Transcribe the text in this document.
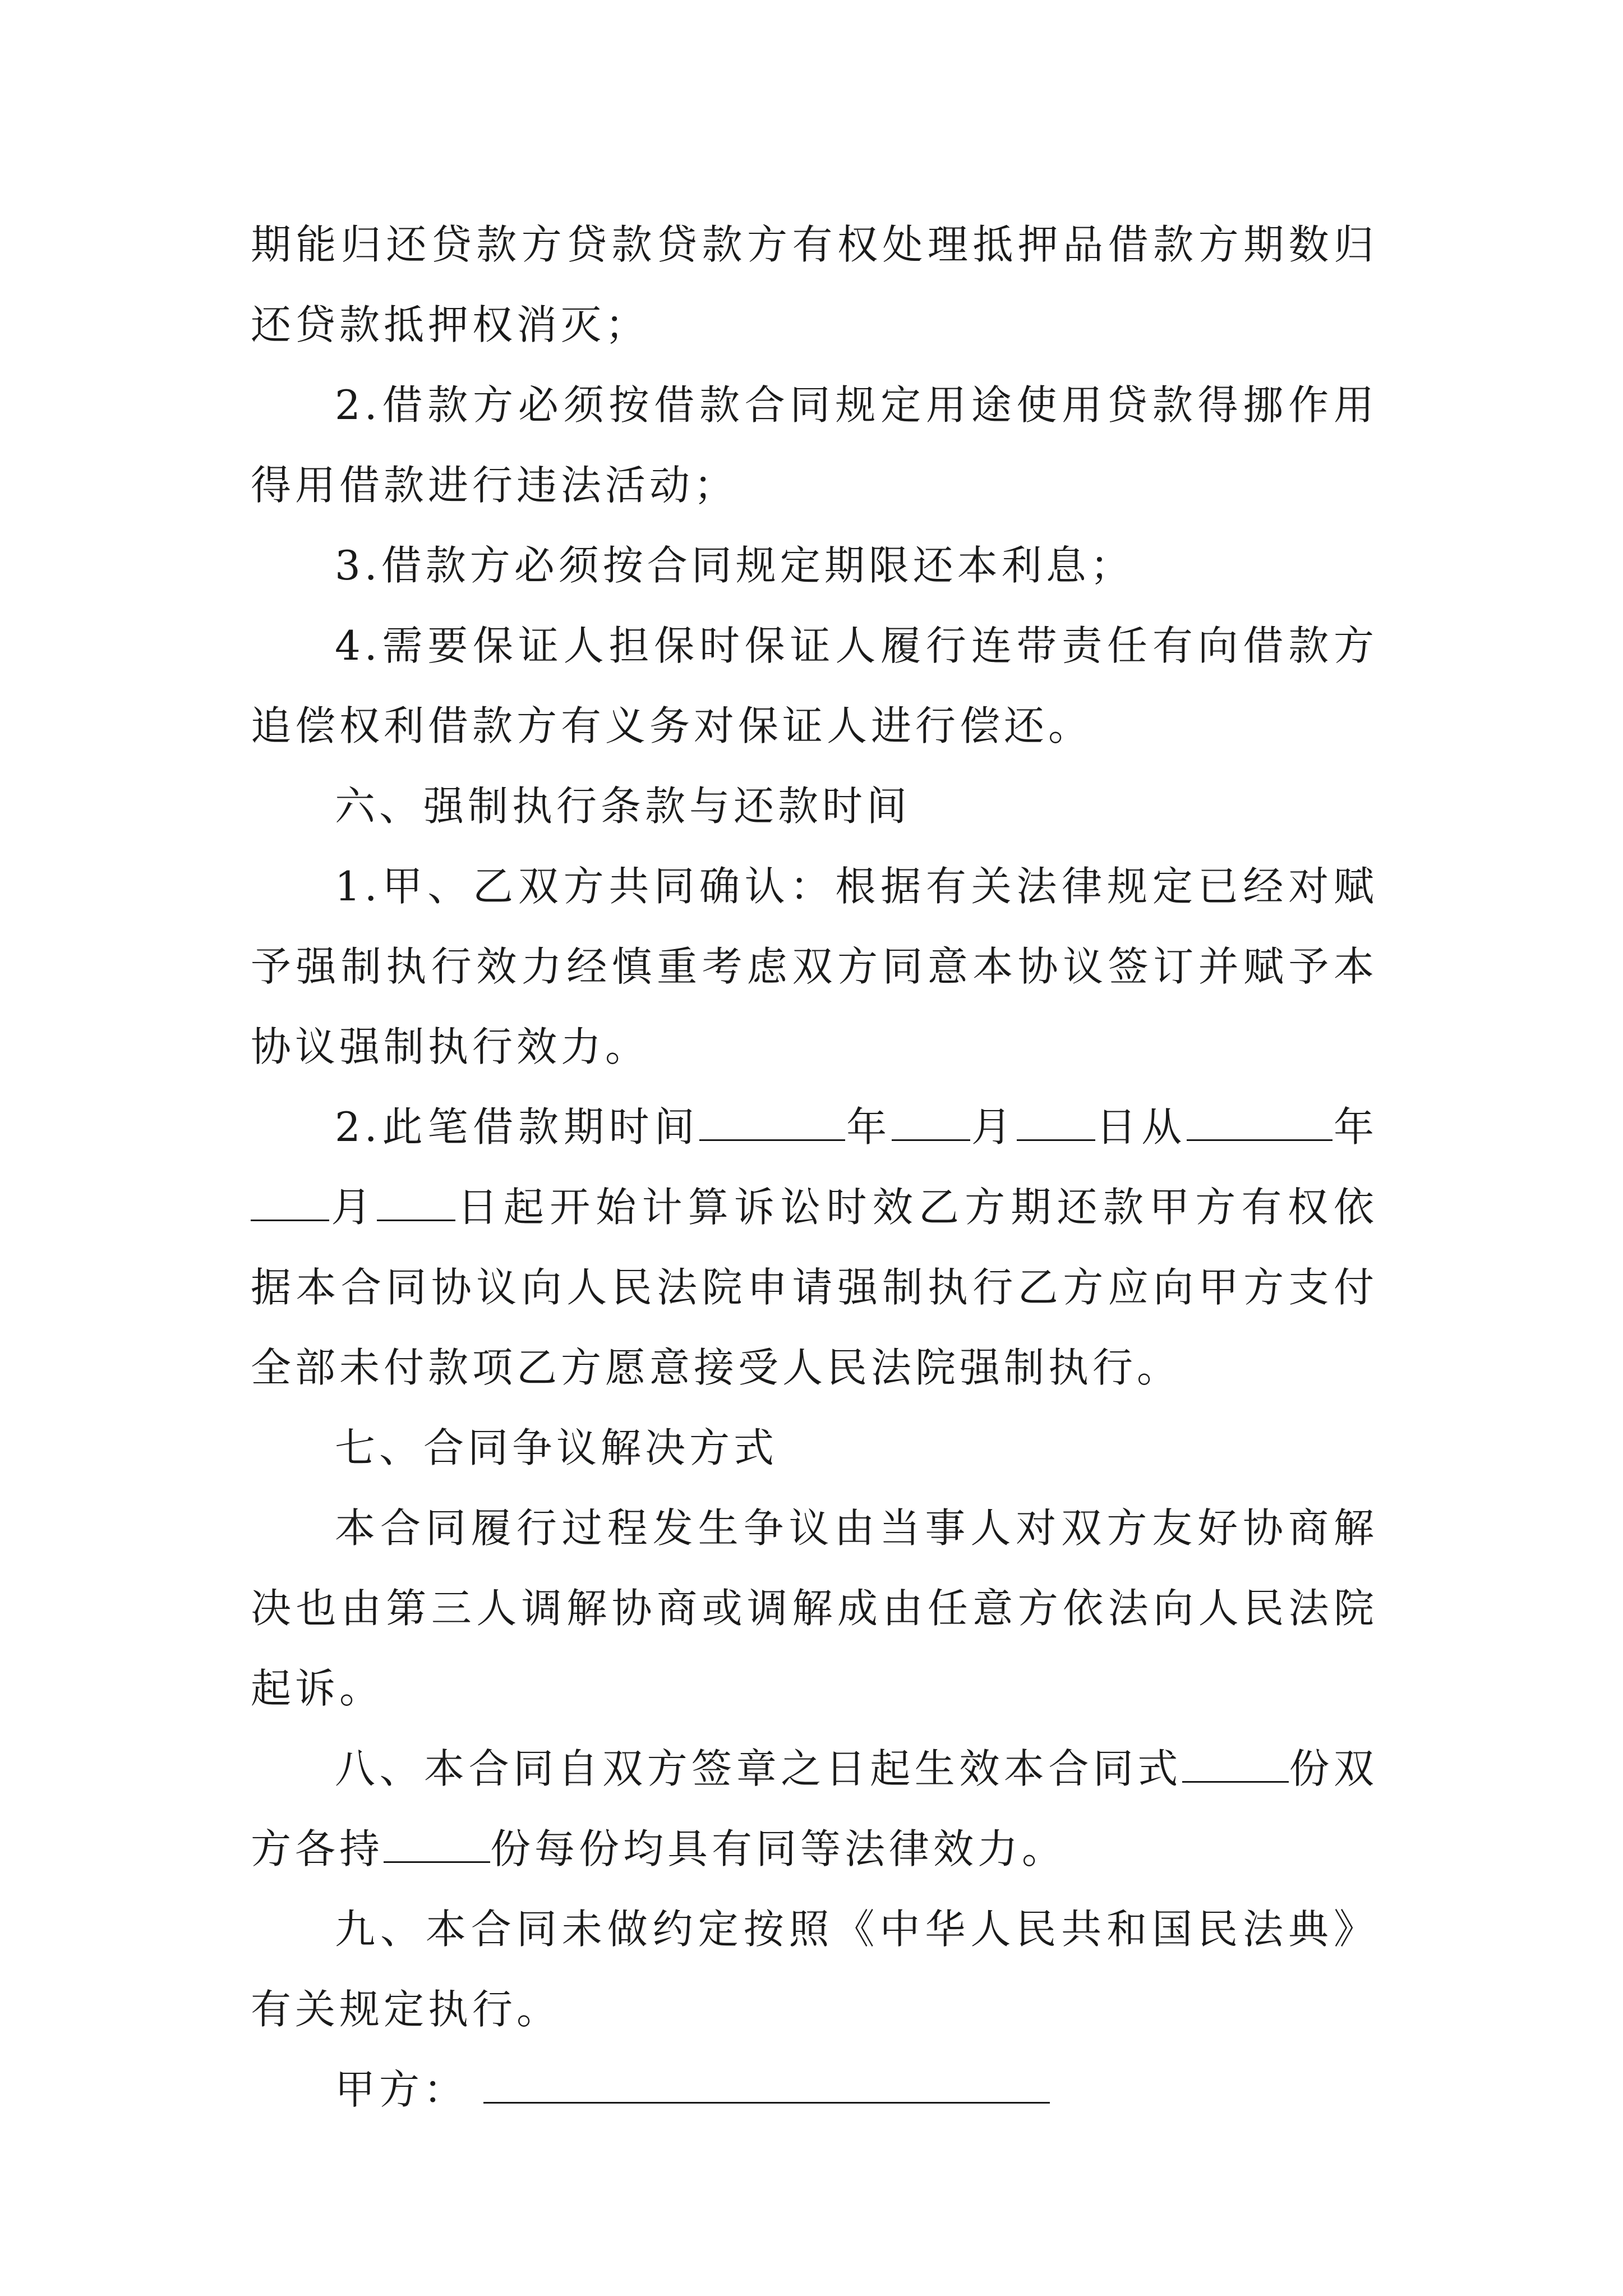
期能归还贷款方贷款贷款方有权处理抵押品借款方期数归还贷款抵押权消灭；

2.借款方必须按借款合同规定用途使用贷款得挪作用得用借款进行违法活动；

3.借款方必须按合同规定期限还本利息；

4.需要保证人担保时保证人履行连带责任有向借款方追偿权利借款方有义务对保证人进行偿还。

六、强制执行条款与还款时间

1.甲、乙双方共同确认：根据有关法律规定已经对赋予强制执行效力经慎重考虑双方同意本协议签订并赋予本协议强制执行效力。

2.此笔借款期时间	年 月 日从	年月 日起开始计算诉讼时效乙方期还款甲方有权依据本合同协议向人民法院申请强制执行乙方应向甲方支付全部未付款项乙方愿意接受人民法院强制执行。

七、合同争议解决方式

本合同履行过程发生争议由当事人对双方友好协商解决也由第三人调解协商或调解成由任意方依法向人民法院起诉。

八、本合同自双方签章之日起生效本合同式	份双方各持	份每份均具有同等法律效力。

九、本合同未做约定按照《中华人民共和国民法典》有关规定执行。

甲方：
